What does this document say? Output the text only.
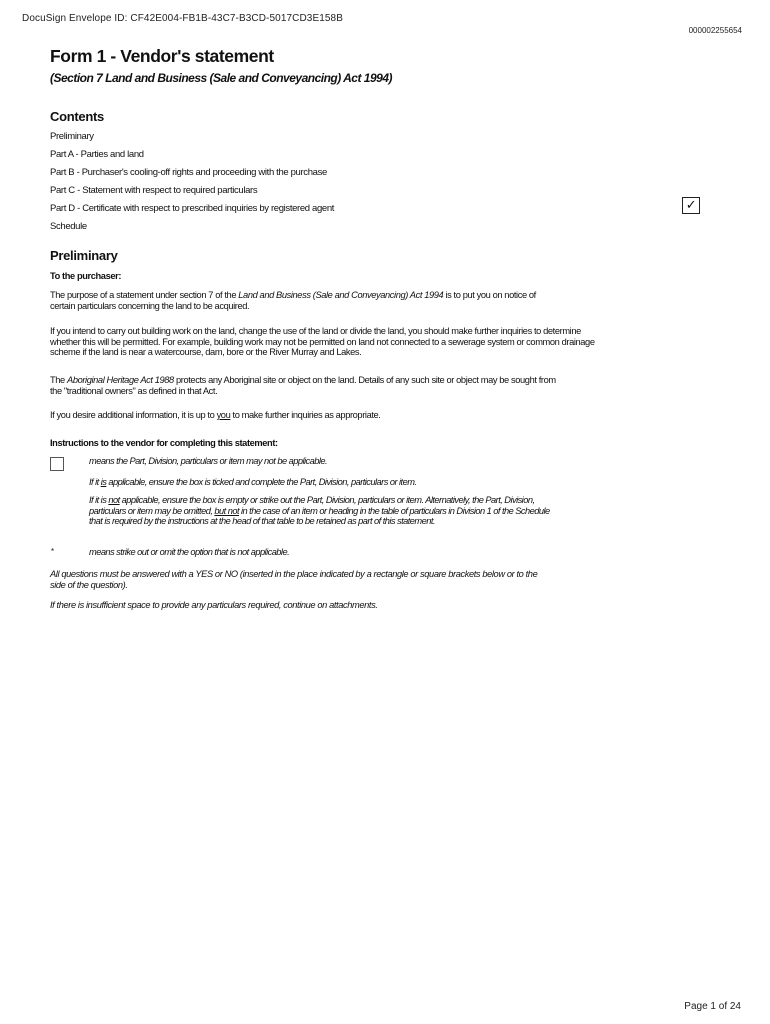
DocuSign Envelope ID: CF42E004-FB1B-43C7-B3CD-5017CD3E158B
000002255654
Form 1 - Vendor's statement
(Section 7 Land and Business (Sale and Conveyancing) Act 1994)
Contents
Preliminary
Part A - Parties and land
Part B - Purchaser's cooling-off rights and proceeding with the purchase
Part C - Statement with respect to required particulars
Part D - Certificate with respect to prescribed inquiries by registered agent	✓
Schedule
Preliminary
To the purchaser:
The purpose of a statement under section 7 of the Land and Business (Sale and Conveyancing) Act 1994 is to put you on notice of certain particulars concerning the land to be acquired.
If you intend to carry out building work on the land, change the use of the land or divide the land, you should make further inquiries to determine whether this will be permitted. For example, building work may not be permitted on land not connected to a sewerage system or common drainage scheme if the land is near a watercourse, dam, bore or the River Murray and Lakes.
The Aboriginal Heritage Act 1988 protects any Aboriginal site or object on the land. Details of any such site or object may be sought from the "traditional owners" as defined in that Act.
If you desire additional information, it is up to you to make further inquiries as appropriate.
Instructions to the vendor for completing this statement:
means the Part, Division, particulars or item may not be applicable.
If it is applicable, ensure the box is ticked and complete the Part, Division, particulars or item.
If it is not applicable, ensure the box is empty or strike out the Part, Division, particulars or item. Alternatively, the Part, Division, particulars or item may be omitted, but not in the case of an item or heading in the table of particulars in Division 1 of the Schedule that is required by the instructions at the head of that table to be retained as part of this statement.
*	means strike out or omit the option that is not applicable.
All questions must be answered with a YES or NO (inserted in the place indicated by a rectangle or square brackets below or to the side of the question).
If there is insufficient space to provide any particulars required, continue on attachments.
Page 1 of 24
